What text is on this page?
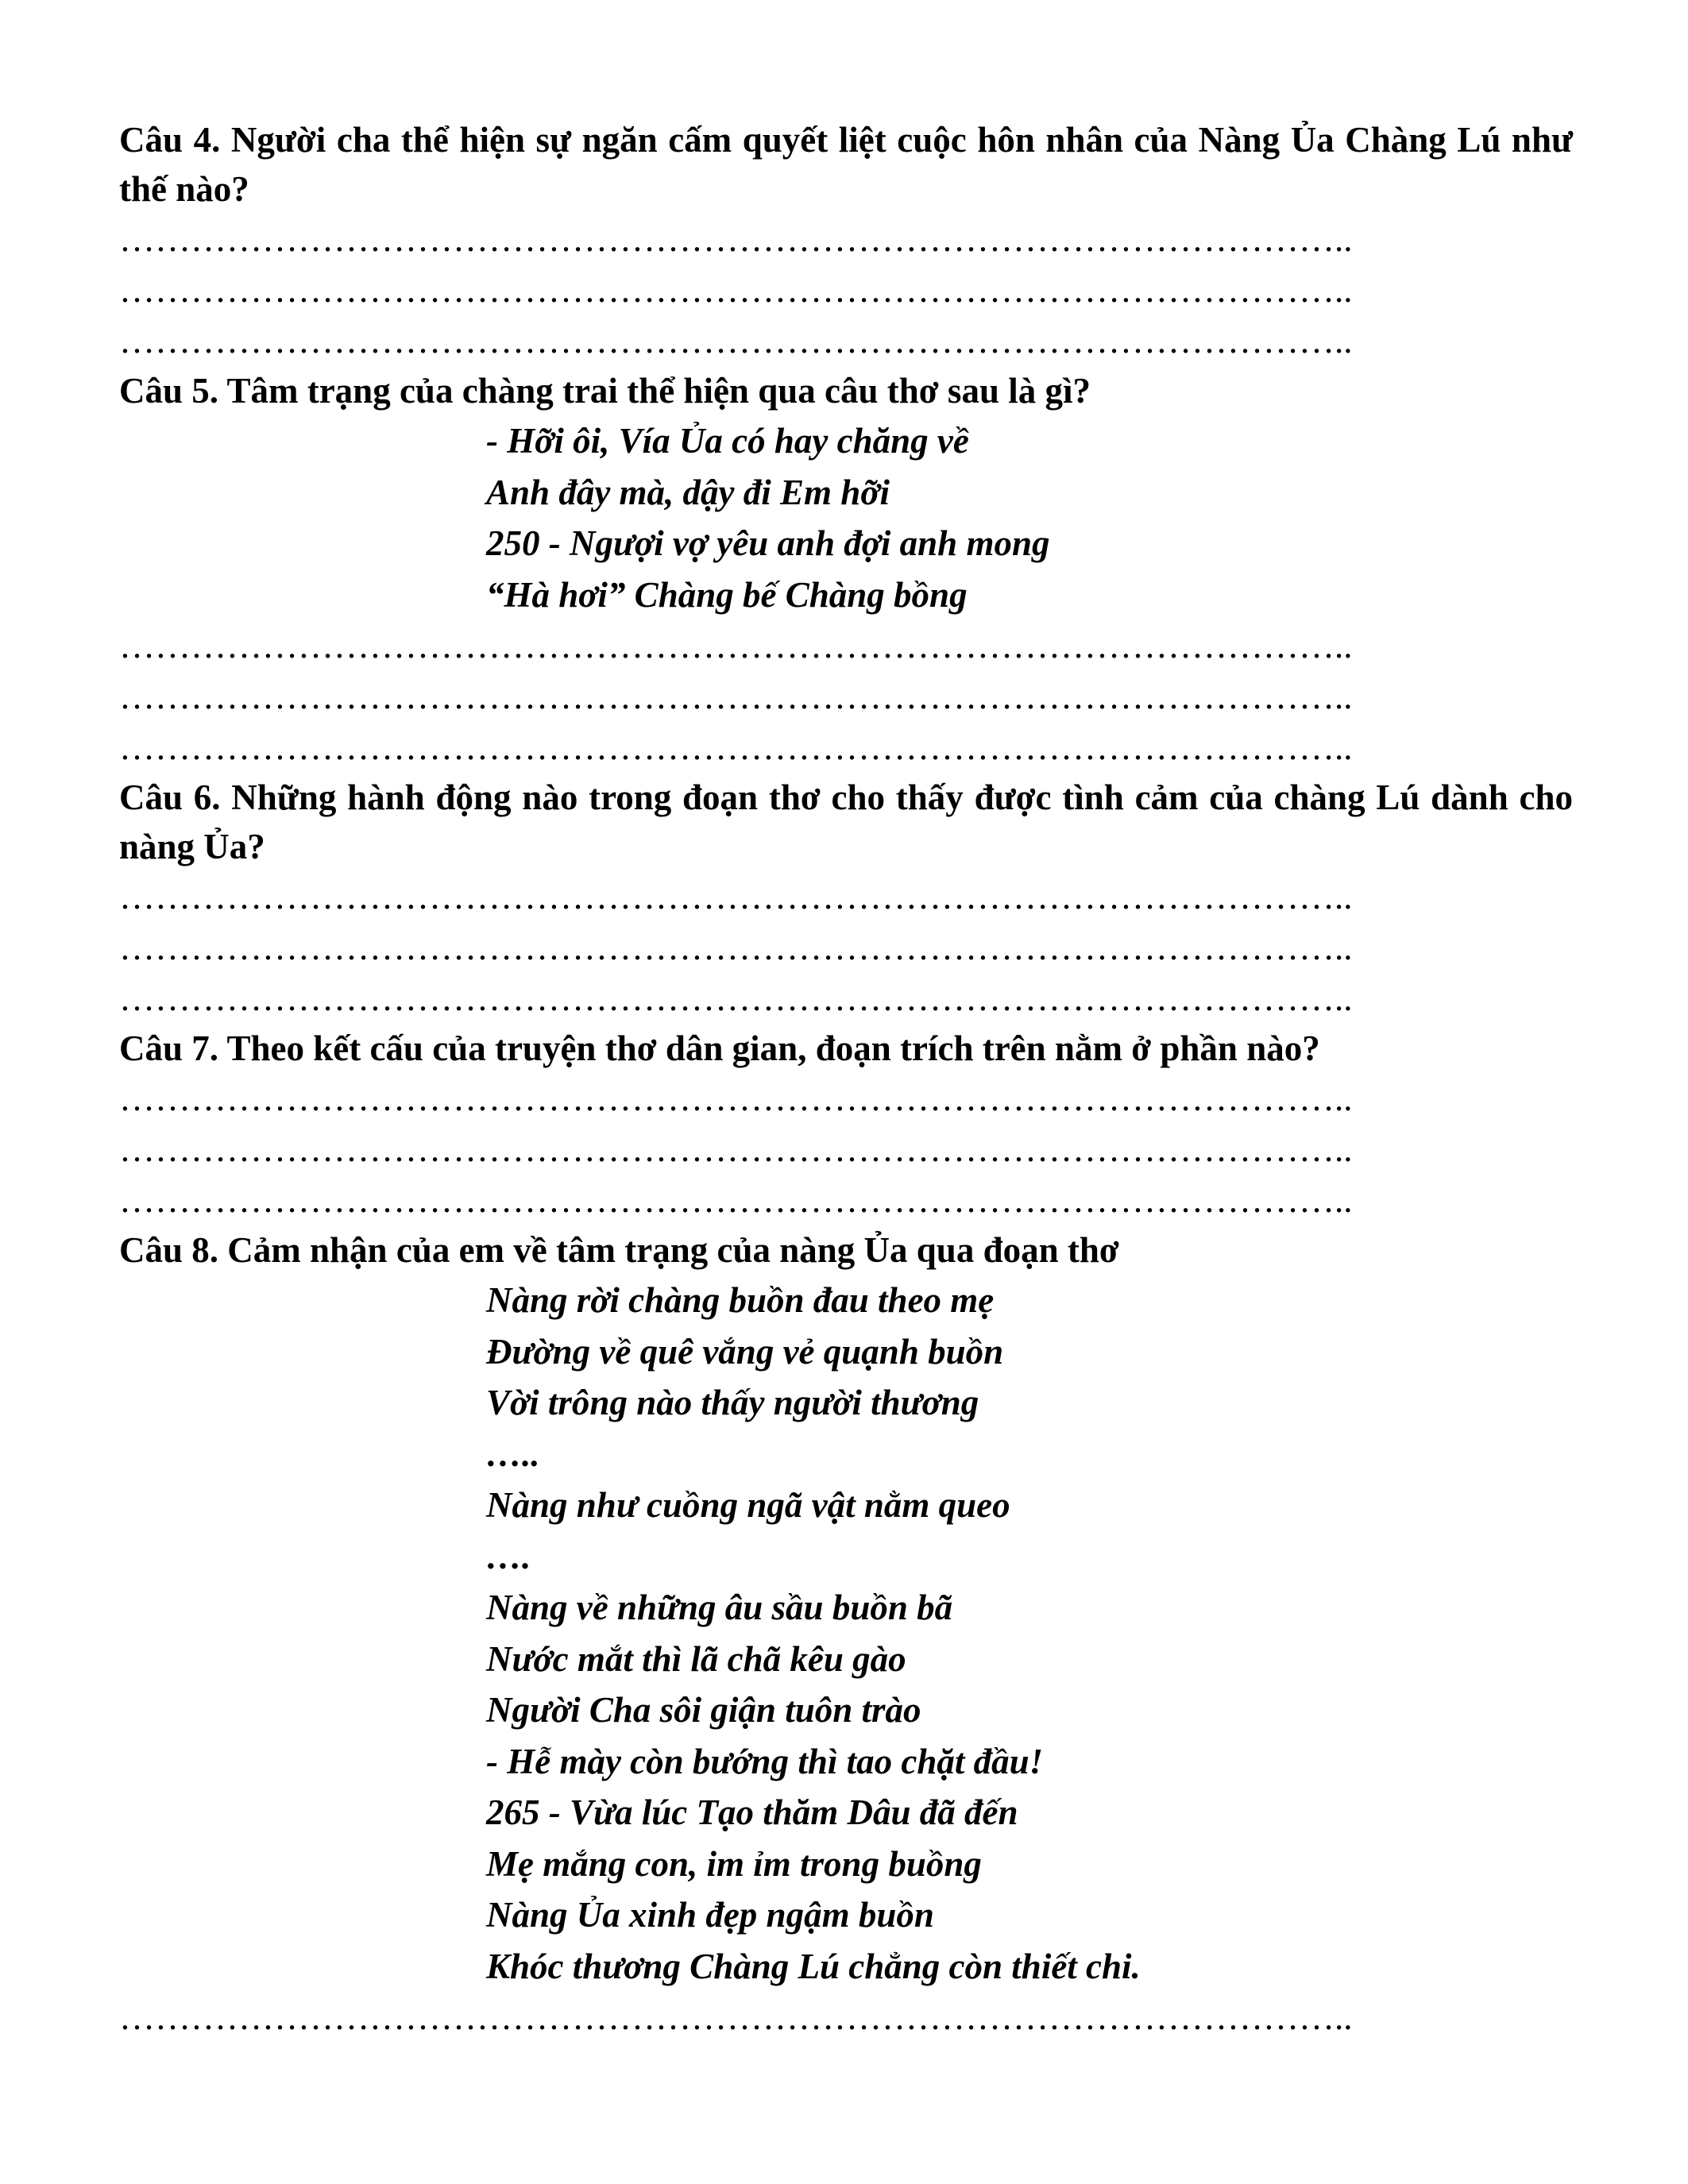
Câu 4. Người cha thể hiện sự ngăn cấm quyết liệt cuộc hôn nhân của Nàng Ủa Chàng Lú như thế nào?
…………………………………………………………………………………………..
…………………………………………………………………………………………..
…………………………………………………………………………………………..
Câu 5. Tâm trạng của chàng trai thể hiện qua câu thơ sau là gì?
- Hỡi ôi, Vía Ủa có hay chăng về
Anh đây mà, dậy đi Em hỡi
250 - Ngượi vợ yêu anh đợi anh mong
“Hà hơi” Chàng bế Chàng bồng
…………………………………………………………………………………………..
…………………………………………………………………………………………..
…………………………………………………………………………………………..
Câu 6. Những hành động nào trong đoạn thơ cho thấy được tình cảm của chàng Lú dành cho nàng Ủa?
…………………………………………………………………………………………..
…………………………………………………………………………………………..
…………………………………………………………………………………………..
Câu 7. Theo kết cấu của truyện thơ dân gian, đoạn trích trên nằm ở phần nào?
…………………………………………………………………………………………..
…………………………………………………………………………………………..
…………………………………………………………………………………………..
Câu 8. Cảm nhận của em về tâm trạng của nàng Ủa qua đoạn thơ
Nàng rời chàng buồn đau theo mẹ
Đường về quê vắng vẻ quạnh buồn
Vời trông nào thấy người thương
…..
Nàng như cuồng ngã vật nằm queo
….
Nàng về những âu sầu buồn bã
Nước mắt thì lã chã kêu gào
Người Cha sôi giận tuôn trào
- Hễ mày còn bướng thì tao chặt đầu!
265 - Vừa lúc Tạo thăm Dâu đã đến
Mẹ mắng con, im ỉm trong buồng
Nàng Ủa xinh đẹp ngậm buồn
Khóc thương Chàng Lú chẳng còn thiết chi.
…………………………………………………………………………………………..
